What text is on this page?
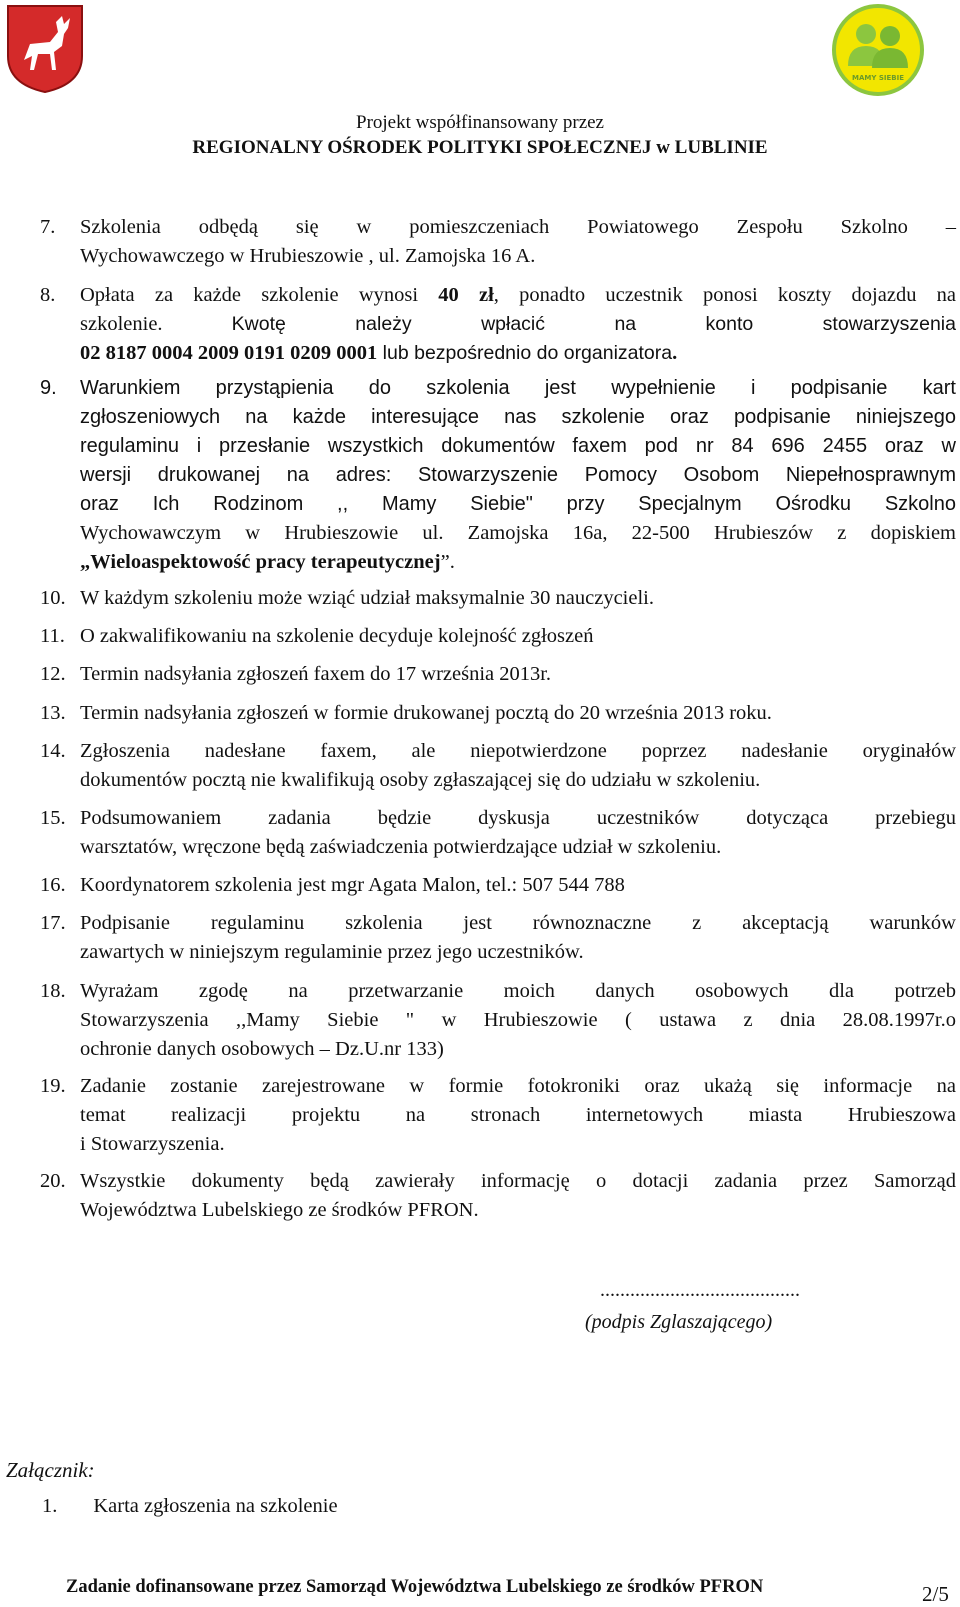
MAMY SIEBIE
Projekt współfinansowany przez
REGIONALNY OŚRODEK POLITYKI SPOŁECZNEJ w LUBLINIE
7. Szkolenia odbędą się w pomieszczeniach Powiatowego Zespołu Szkolno –
Wychowawczego w Hrubieszowie , ul. Zamojska 16 A.
8. Opłata za każde szkolenie wynosi 40 zł, ponadto uczestnik ponosi koszty dojazdu na
szkolenie. Kwotę należy wpłacić na konto stowarzyszenia
02 8187 0004 2009 0191 0209 0001 lub bezpośrednio do organizatora.
9. Warunkiem przystąpienia do szkolenia jest wypełnienie i podpisanie kart
zgłoszeniowych na każde interesujące nas szkolenie oraz podpisanie niniejszego
regulaminu i przesłanie wszystkich dokumentów faxem pod nr 84 696 2455 oraz w
wersji drukowanej na adres: Stowarzyszenie Pomocy Osobom Niepełnosprawnym
oraz Ich Rodzinom ,, Mamy Siebie" przy Specjalnym Ośrodku Szkolno
Wychowawczym w Hrubieszowie ul. Zamojska 16a, 22-500 Hrubieszów z dopiskiem
„Wieloaspektowość pracy terapeutycznej”.
10. W każdym szkoleniu może wziąć udział maksymalnie 30 nauczycieli.
11. O zakwalifikowaniu na szkolenie decyduje kolejność zgłoszeń
12. Termin nadsyłania zgłoszeń faxem do 17 września 2013r.
13. Termin nadsyłania zgłoszeń w formie drukowanej pocztą do 20 września 2013 roku.
14. Zgłoszenia nadesłane faxem, ale niepotwierdzone poprzez nadesłanie oryginałów
dokumentów pocztą nie kwalifikują osoby zgłaszającej się do udziału w szkoleniu.
15. Podsumowaniem zadania będzie dyskusja uczestników dotycząca przebiegu
warsztatów, wręczone będą zaświadczenia potwierdzające udział w szkoleniu.
16. Koordynatorem szkolenia jest mgr Agata Malon, tel.: 507 544 788
17. Podpisanie regulaminu szkolenia jest równoznaczne z akceptacją warunków
zawartych w niniejszym regulaminie przez jego uczestników.
18. Wyrażam zgodę na przetwarzanie moich danych osobowych dla potrzeb
Stowarzyszenia ,,Mamy Siebie " w Hrubieszowie ( ustawa z dnia 28.08.1997r.o
ochronie danych osobowych – Dz.U.nr 133)
19. Zadanie zostanie zarejestrowane w formie fotokroniki oraz ukażą się informacje na
temat realizacji projektu na stronach internetowych miasta Hrubieszowa
i Stowarzyszenia.
20. Wszystkie dokumenty będą zawierały informację o dotacji zadania przez Samorząd
Województwa Lubelskiego ze środków PFRON.
........................................
(podpis Zglaszającego)
Załącznik:
1. Karta zgłoszenia na szkolenie
Zadanie dofinansowane przez Samorząd Województwa Lubelskiego ze środków PFRON	2/5
